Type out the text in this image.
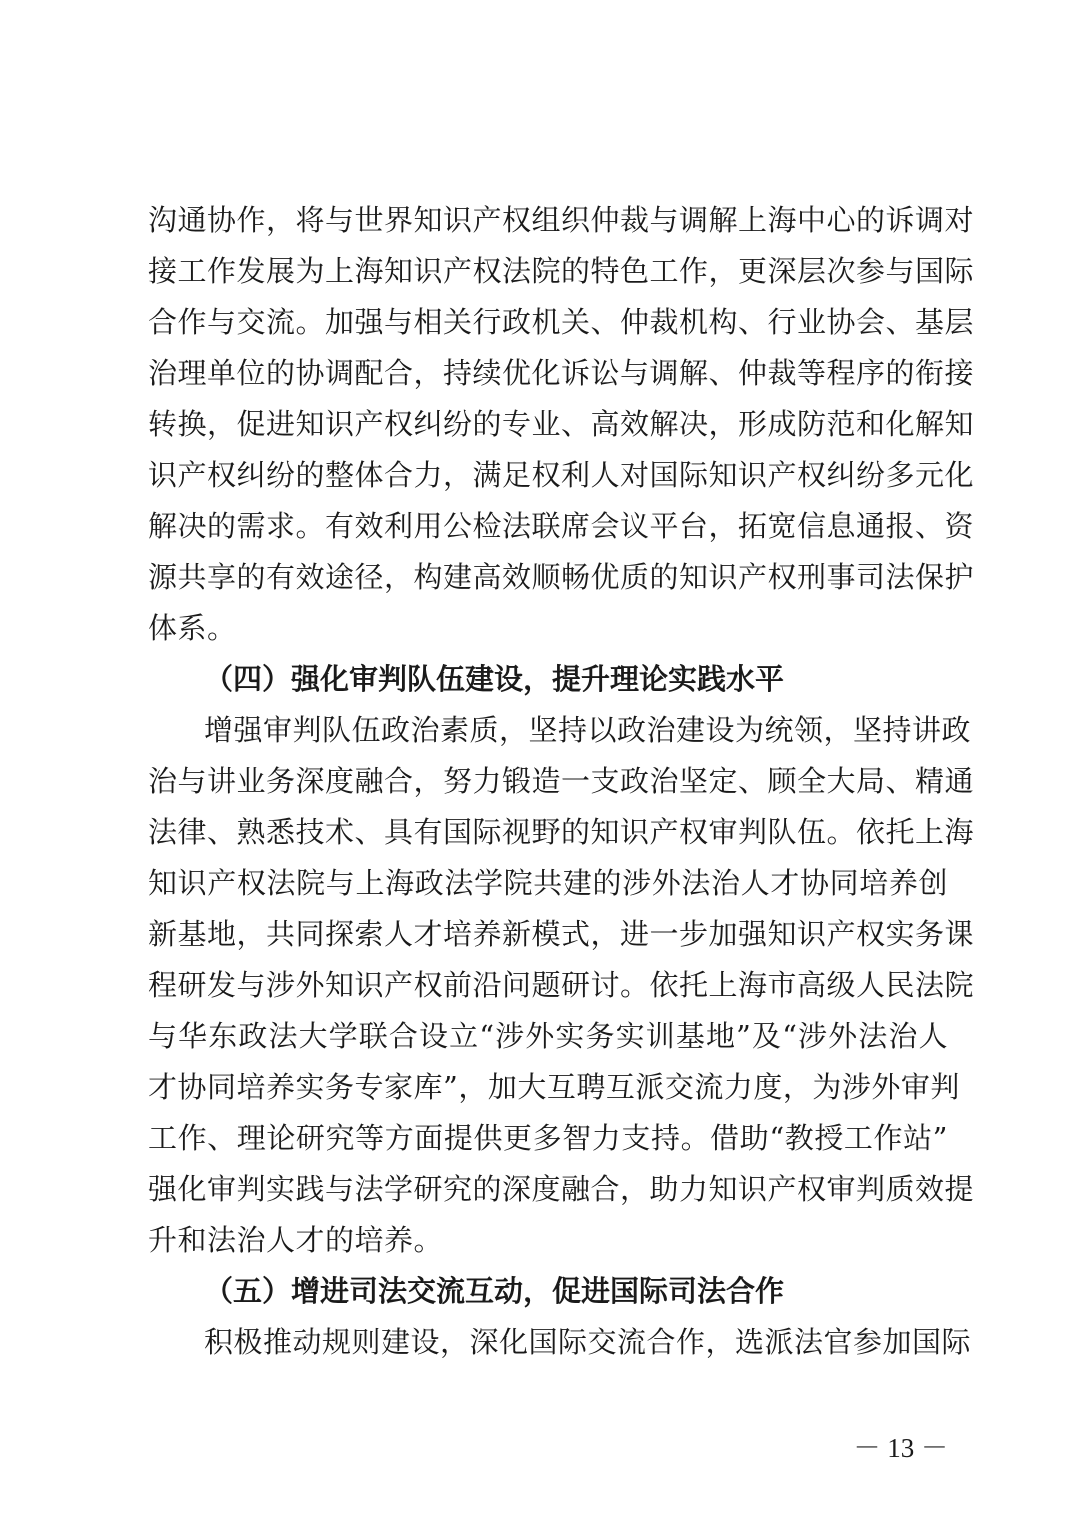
沟通协作，将与世界知识产权组织仲裁与调解上海中心的诉调对
接工作发展为上海知识产权法院的特色工作，更深层次参与国际
合作与交流。加强与相关行政机关、仲裁机构、行业协会、基层
治理单位的协调配合，持续优化诉讼与调解、仲裁等程序的衔接
转换，促进知识产权纠纷的专业、高效解决，形成防范和化解知
识产权纠纷的整体合力，满足权利人对国际知识产权纠纷多元化
解决的需求。有效利用公检法联席会议平台，拓宽信息通报、资
源共享的有效途径，构建高效顺畅优质的知识产权刑事司法保护
体系。
（四）强化审判队伍建设，提升理论实践水平
增强审判队伍政治素质，坚持以政治建设为统领，坚持讲政
治与讲业务深度融合，努力锻造一支政治坚定、顾全大局、精通
法律、熟悉技术、具有国际视野的知识产权审判队伍。依托上海
知识产权法院与上海政法学院共建的涉外法治人才协同培养创
新基地，共同探索人才培养新模式，进一步加强知识产权实务课
程研发与涉外知识产权前沿问题研讨。依托上海市高级人民法院
与华东政法大学联合设立“涉外实务实训基地”及“涉外法治人
才协同培养实务专家库”，加大互聘互派交流力度，为涉外审判
工作、理论研究等方面提供更多智力支持。借助“教授工作站”
强化审判实践与法学研究的深度融合，助力知识产权审判质效提
升和法治人才的培养。
（五）增进司法交流互动，促进国际司法合作
积极推动规则建设，深化国际交流合作，选派法官参加国际
－ 13 －
